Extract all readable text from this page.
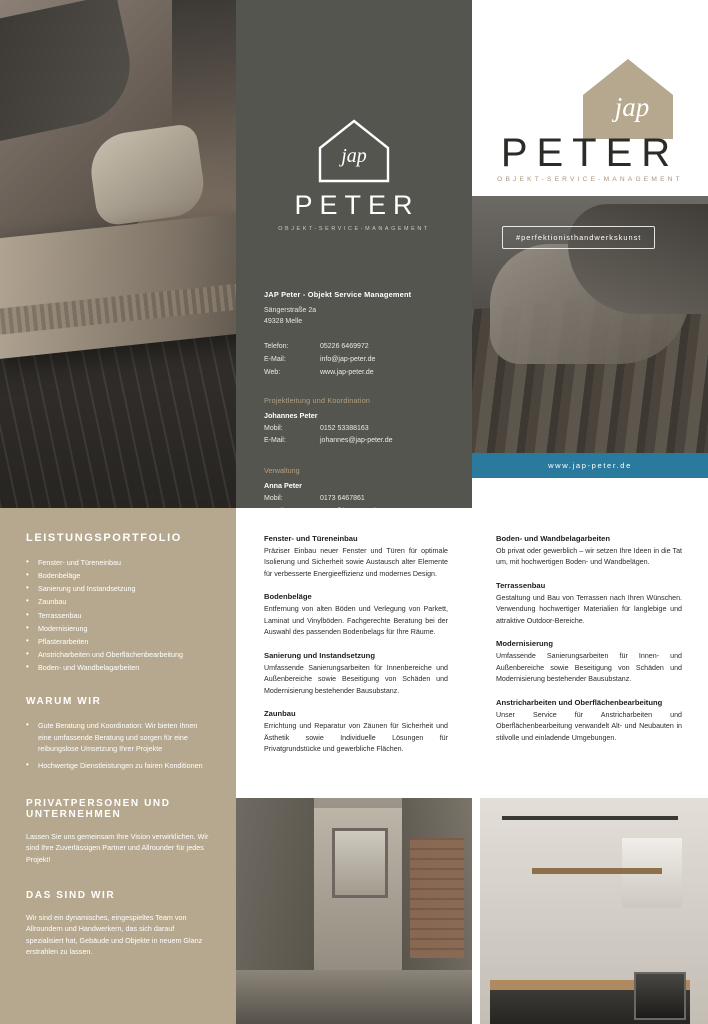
jap
PETER
OBJEKT-SERVICE-MANAGEMENT
JAP Peter - Objekt Service Management
Sängerstraße 2a
49328 Melle
Telefon:	05226 6469972
E-Mail:	info@jap-peter.de
Web:	www.jap-peter.de
Projektleitung und Koordination
Johannes Peter
Mobil:	0152 53388163
E-Mail:	johannes@jap-peter.de
Verwaltung
Anna Peter
Mobil:	0173 6467861
jap
PETER
OBJEKT-SERVICE-MANAGEMENT
#perfektionisthandwerkskunst
www.jap-peter.de
LEISTUNGSPORTFOLIO
• Fenster- und Türeneinbau
• Bodenbeläge
• Sanierung und Instandsetzung
• Zaunbau
• Terrassenbau
• Modernisierung
• Pflasterarbeiten
• Anstricharbeiten und Oberflächenbearbeitung
• Boden- und Wandbelagarbeiten
WARUM WIR
• Gute Beratung und Koordination: Wir bieten Ihnen eine umfassende Beratung und sorgen für eine reibungslose Umsetzung Ihrer Projekte
• Hochwertige Dienstleistungen zu fairen Konditionen
PRIVATPERSONEN UND UNTERNEHMEN
Lassen Sie uns gemeinsam Ihre Vision verwirklichen. Wir sind Ihre Zuverlässigen Partner und Allrounder für jedes Projekt!
DAS SIND WIR
Wir sind ein dynamisches, eingespieltes Team von Allroundern und Handwerkern, das sich darauf spezialisiert hat, Gebäude und Objekte in neuem Glanz erstrahlen zu lassen.
Fenster- und Türeneinbau

Präziser Einbau neuer Fenster und Türen für optimale Isolierung und Sicherheit sowie Austausch alter Elemente für verbesserte Energieeffizienz und modernes Design.

Bodenbeläge

Entfernung von alten Böden und Verlegung von Parkett, Laminat und Vinylböden. Fachgerechte Beratung bei der Auswahl des passenden Bodenbelags für Ihre Räume.

Sanierung und Instandsetzung

Umfassende Sanierungsarbeiten für Innenbereiche und Außenbereiche sowie Beseitigung von Schäden und Modernisierung bestehender Bausubstanz.

Zaunbau

Errichtung und Reparatur von Zäunen für Sicherheit und Ästhetik sowie Individuelle Lösungen für Privatgrundstücke und gewerbliche Flächen.

Boden- und Wandbelagarbeiten

Ob privat oder gewerblich – wir setzen Ihre Ideen in die Tat um, mit hochwertigen Boden- und Wandbelägen.

Terrassenbau

Gestaltung und Bau von Terrassen nach Ihren Wünschen. Verwendung hochwertiger Materialien für langlebige und attraktive Outdoor-Bereiche.

Modernisierung

Umfassende Sanierungsarbeiten für Innen- und Außenbereiche sowie Beseitigung von Schäden und Modernisierung bestehender Bausubstanz.

Anstricharbeiten und Oberflächenbearbeitung

Unser Service für Anstricharbeiten und Oberflächenbearbeitung verwandelt Alt- und Neubauten in stilvolle und einladende Umgebungen.
